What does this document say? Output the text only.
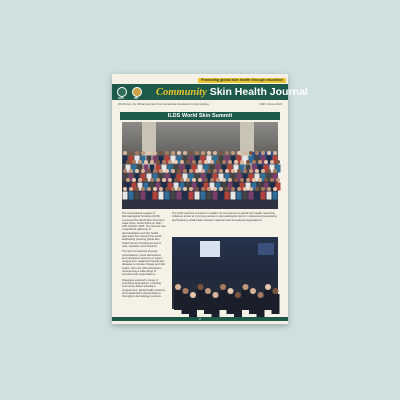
Promoting global skin health through education
ILDS	IFD Community Skin Health Journal
World Civic, the Official Journal of the International Foundation for Dermatology	ISSN: Volume 2024
ILDS World Skin Summit

The International League of Dermatological Societies (ILDS) convened the World Skin Summit in Cape Town, South Africa on 20th – 24th October 2025. The Summit was a significant gathering of dermatologists and skin health advocates from around the world, addressing pressing global skin health issues including access to care, education and research.

The Summit featured keynote presentations, panel discussions and interactive sessions on topics ranging from neglected tropical skin diseases to climate change and skin health, with over 600 participants representing a wide range of countries and organisations.

Delegates explored a range of innovative approaches, including community-based education programmes, digital health solutions, and collaborative partnerships to strengthen dermatology services.

The ILDS used the occasion to reaffirm its commitment to global skin health, launching initiatives aimed at improving access to dermatological care for underserved populations and fostering collaboration between national and international organisations.

2
